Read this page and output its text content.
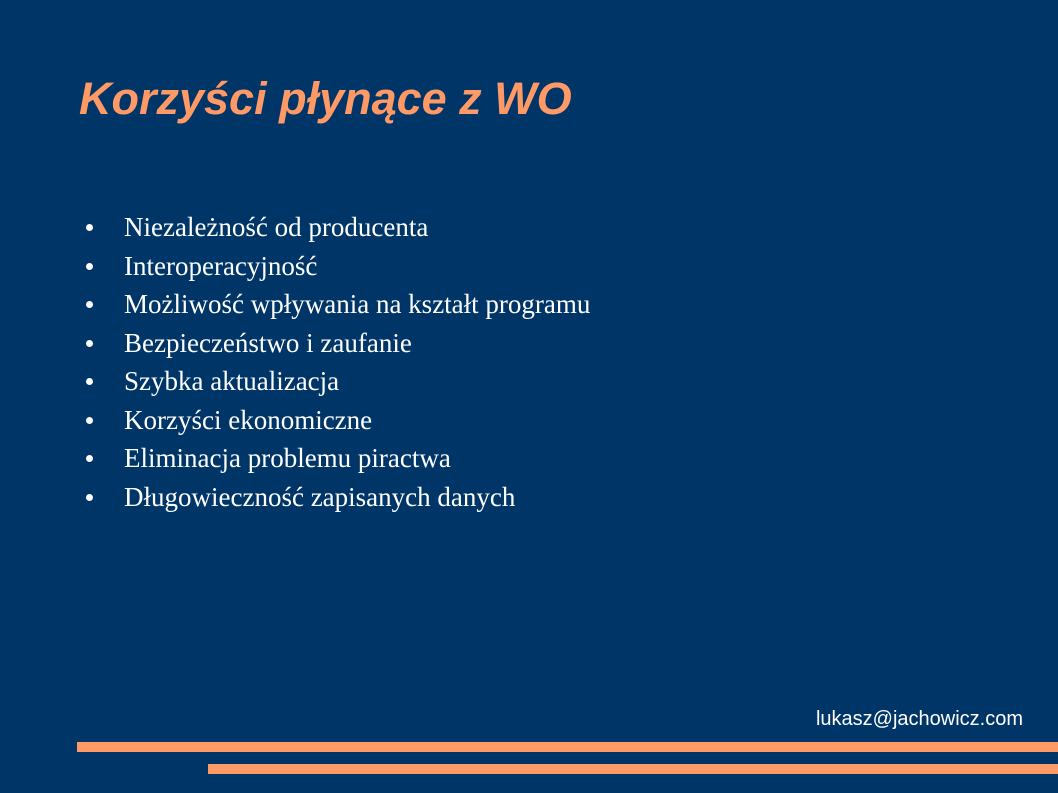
Korzyści płynące z WO
Niezależność od producenta
Interoperacyjność
Możliwość wpływania na kształt programu
Bezpieczeństwo i zaufanie
Szybka aktualizacja
Korzyści ekonomiczne
Eliminacja problemu piractwa
Długowieczność zapisanych danych
lukasz@jachowicz.com
